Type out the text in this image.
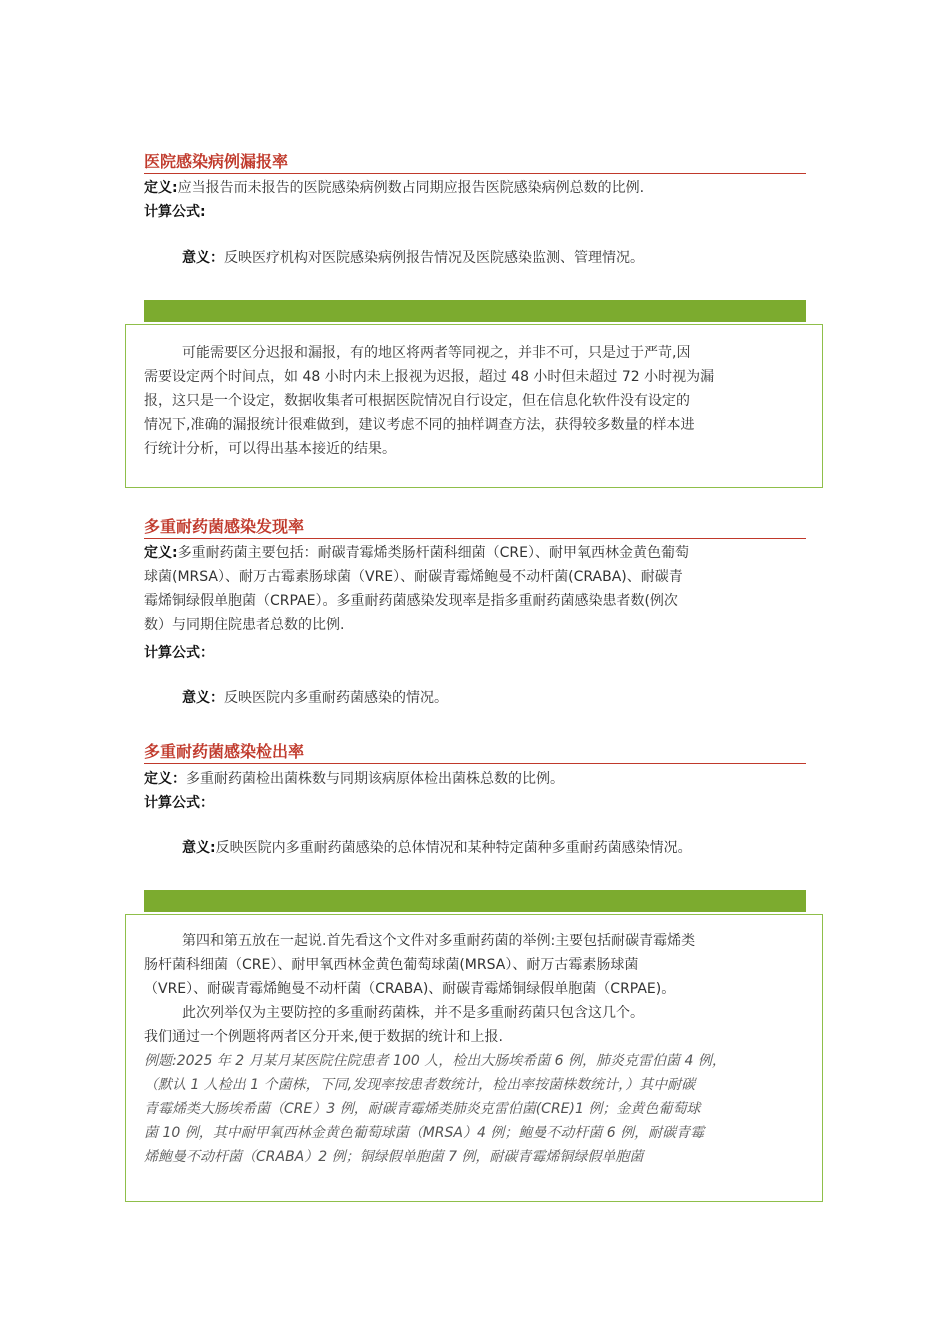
医院感染病例漏报率
定义:应当报告而未报告的医院感染病例数占同期应报告医院感染病例总数的比例.
计算公式:
意义：反映医疗机构对医院感染病例报告情况及医院感染监测、管理情况。
可能需要区分迟报和漏报，有的地区将两者等同视之，并非不可，只是过于严苛,因
需要设定两个时间点，如 48 小时内未上报视为迟报，超过 48 小时但未超过 72 小时视为漏
报，这只是一个设定，数据收集者可根据医院情况自行设定，但在信息化软件没有设定的
情况下,准确的漏报统计很难做到，建议考虑不同的抽样调查方法，获得较多数量的样本进
行统计分析，可以得出基本接近的结果。
多重耐药菌感染发现率
定义:多重耐药菌主要包括：耐碳青霉烯类肠杆菌科细菌（CRE）、耐甲氧西林金黄色葡萄
球菌(MRSA）、耐万古霉素肠球菌（VRE）、耐碳青霉烯鲍曼不动杆菌(CRABA)、耐碳青
霉烯铜绿假单胞菌（CRPAE）。多重耐药菌感染发现率是指多重耐药菌感染患者数(例次
数）与同期住院患者总数的比例.
计算公式：
意义：反映医院内多重耐药菌感染的情况。
多重耐药菌感染检出率
定义：多重耐药菌检出菌株数与同期该病原体检出菌株总数的比例。
计算公式：
意义:反映医院内多重耐药菌感染的总体情况和某种特定菌种多重耐药菌感染情况。
第四和第五放在一起说.首先看这个文件对多重耐药菌的举例:主要包括耐碳青霉烯类
肠杆菌科细菌（CRE）、耐甲氧西林金黄色葡萄球菌(MRSA）、耐万古霉素肠球菌
（VRE）、耐碳青霉烯鲍曼不动杆菌（CRABA)、耐碳青霉烯铜绿假单胞菌（CRPAE)。
此次列举仅为主要防控的多重耐药菌株，并不是多重耐药菌只包含这几个。
我们通过一个例题将两者区分开来,便于数据的统计和上报.
例题:2025 年 2 月某月某医院住院患者 100 人，检出大肠埃希菌 6 例，肺炎克雷伯菌 4 例，
（默认 1 人检出 1 个菌株，下同,发现率按患者数统计，检出率按菌株数统计，）其中耐碳
青霉烯类大肠埃希菌（CRE）3 例，耐碳青霉烯类肺炎克雷伯菌(CRE)1 例；金黄色葡萄球
菌 10 例，其中耐甲氧西林金黄色葡萄球菌（MRSA）4 例；鲍曼不动杆菌 6 例，耐碳青霉
烯鲍曼不动杆菌（CRABA）2 例；铜绿假单胞菌 7 例，耐碳青霉烯铜绿假单胞菌
